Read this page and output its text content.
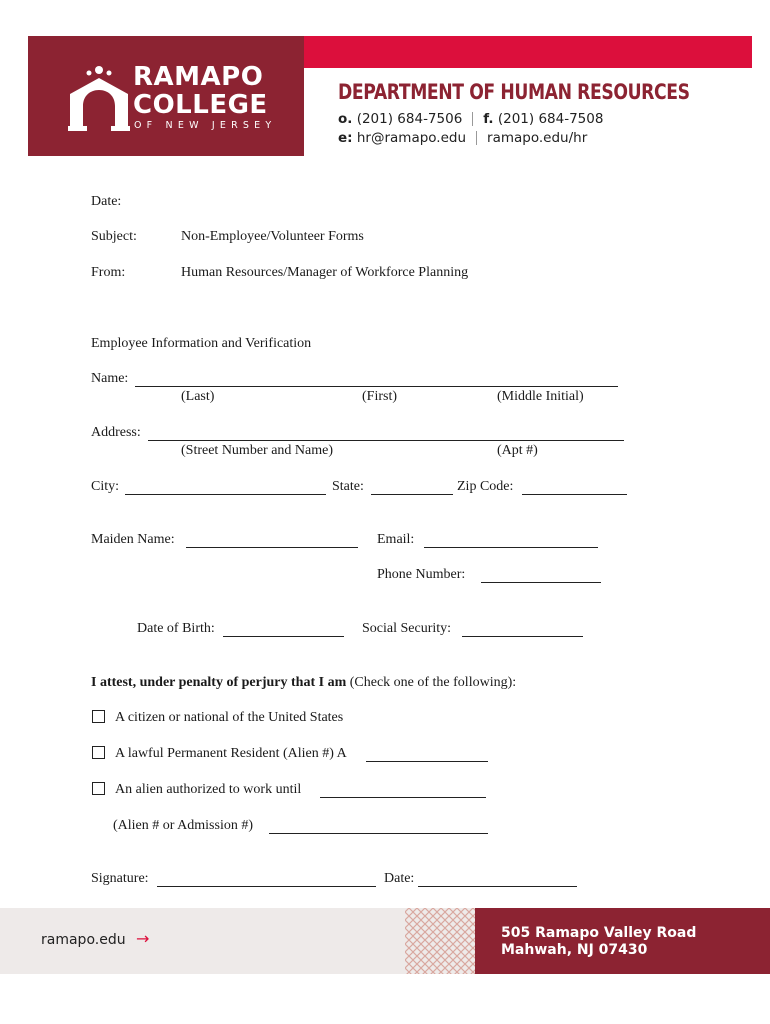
RAMAPO
COLLEGE
OF NEW JERSEY
DEPARTMENT OF HUMAN RESOURCES
o. (201) 684-7506 f. (201) 684-7508
e: hr@ramapo.edu ramapo.edu/hr
Date:
Subject:	Non-Employee/Volunteer Forms
From:	Human Resources/Manager of Workforce Planning
Employee Information and Verification
Name:
(Last)	(First)	(Middle Initial)
Address:
(Street Number and Name)	(Apt #)
City:	State:	Zip Code:
Maiden Name:	Email:
Phone Number:
Date of Birth:	Social Security:
I attest, under penalty of perjury that I am (Check one of the following):
A citizen or national of the United States
A lawful Permanent Resident (Alien #) A
An alien authorized to work until
(Alien # or Admission #)
Signature:	Date:
ramapo.edu →	505 Ramapo Valley Road
Mahwah, NJ 07430
